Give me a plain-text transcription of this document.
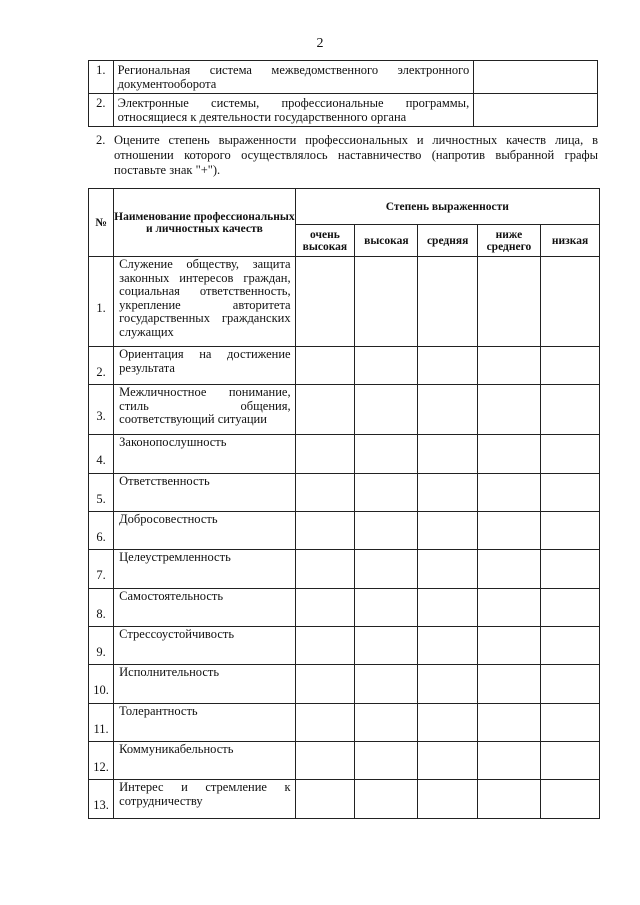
2
1.	Региональная система межведомственного электронного документооборота	
2.	Электронные системы, профессиональные программы, относящиеся к деятельности государственного органа	
2. Оцените степень выраженности профессиональных и личностных качеств лица, в отношении которого осуществлялось наставничество (напротив выбранной графы поставьте знак "+").
№	Наименование профессиональных и личностных качеств	Степень выраженности				
		очень высокая	высокая	средняя	ниже среднего	низкая
1.	Служение обществу, защита законных интересов граждан, социальная ответственность, укрепление авторитета государственных гражданских служащих					
2.	Ориентация на достижение результата					
3.	Межличностное понимание, стиль общения, соответствующий ситуации					
4.	Законопослушность					
5.	Ответственность					
6.	Добросовестность					
7.	Целеустремленность					
8.	Самостоятельность					
9.	Стрессоустойчивость					
10.	Исполнительность					
11.	Толерантность					
12.	Коммуникабельность					
13.	Интерес и стремление к сотрудничеству					
